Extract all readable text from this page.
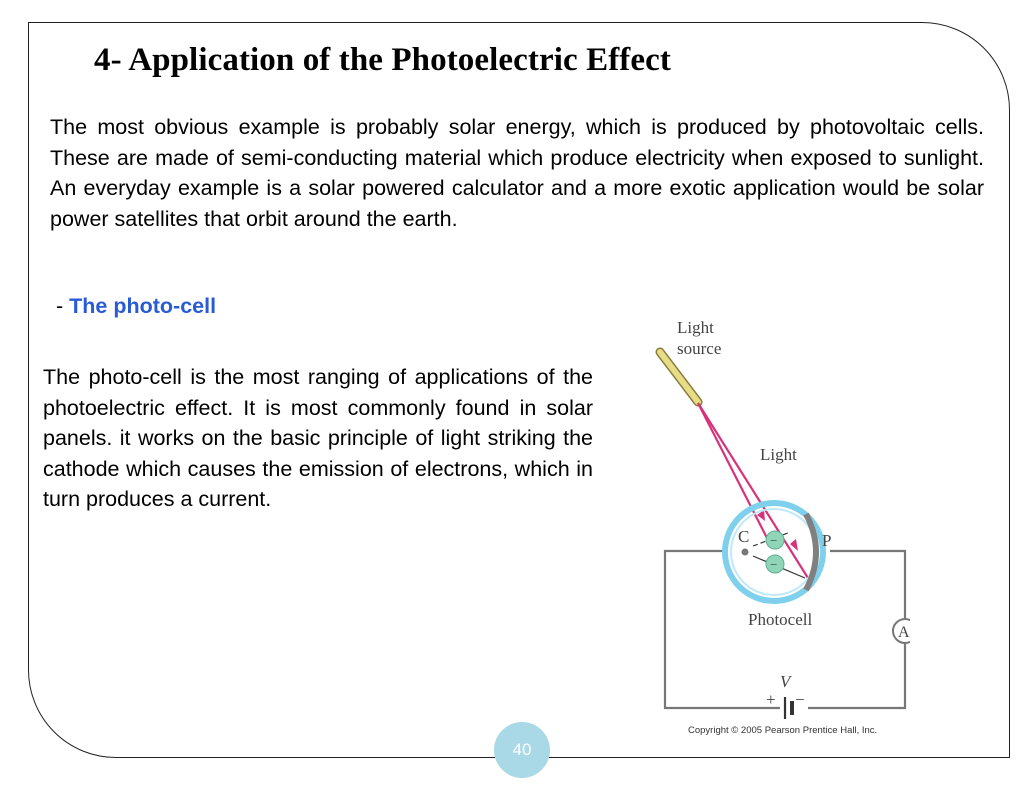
4- Application of the Photoelectric Effect
The most obvious example is probably solar energy, which is produced by photovoltaic cells. These are made of semi-conducting material which produce electricity when exposed to sunlight. An everyday example is a solar powered calculator and a more exotic application would be solar power satellites that orbit around the earth.
- The photo-cell
The photo-cell is the most ranging of applications of the photoelectric effect. It is most commonly found in solar panels. it works on the basic principle of light striking the cathode which causes the emission of electrons, which in turn produces a current.
Light
source
Light
+ −
V
A
−
−
C	P
Photocell
Copyright © 2005 Pearson Prentice Hall, Inc.
40
